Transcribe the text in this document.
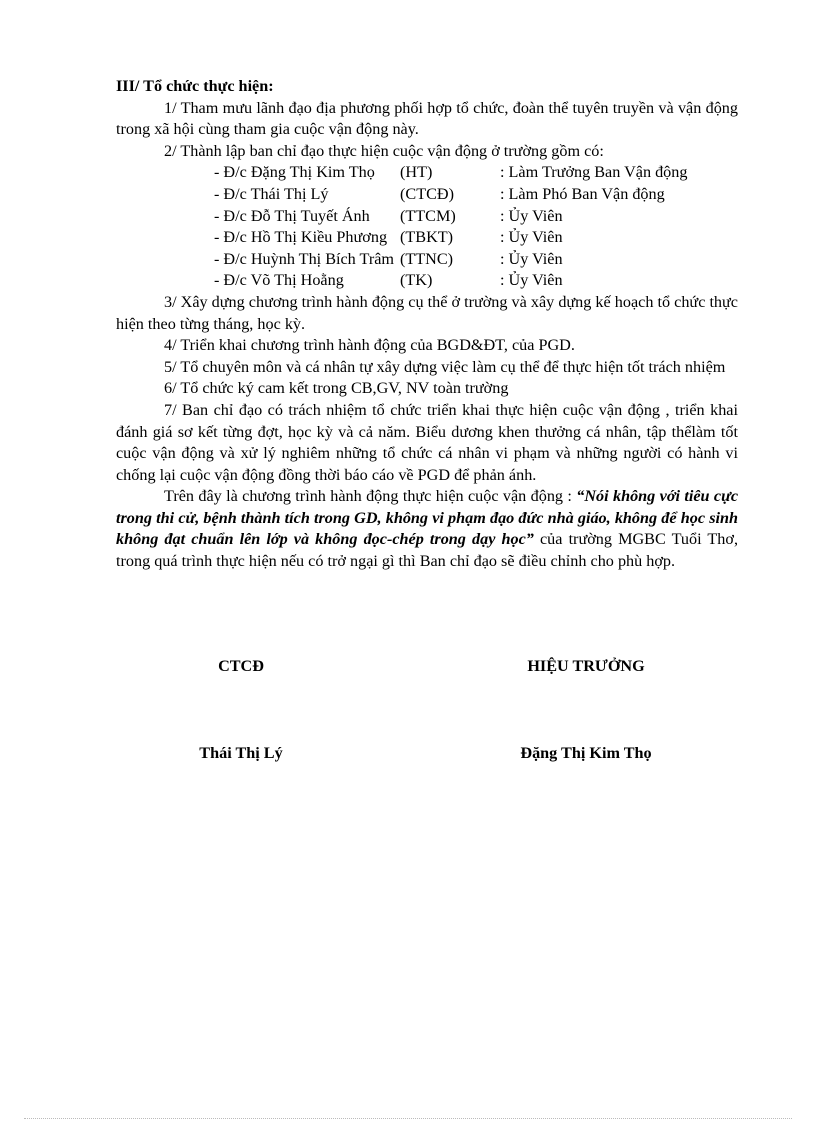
III/ Tổ chức thực hiện:

1/ Tham mưu lãnh đạo địa phương phối hợp tổ chức, đoàn thể tuyên truyền và vận động trong xã hội cùng tham gia cuộc vận động này.

2/ Thành lập ban chỉ đạo thực hiện cuộc vận động ở trường gồm có:

- Đ/c Đặng Thị Kim Thọ	(HT)	: Làm Trưởng Ban Vận động
- Đ/c Thái Thị Lý	(CTCĐ)	: Làm Phó Ban Vận động
- Đ/c Đỗ Thị Tuyết Ánh	(TTCM)	: Ủy Viên
- Đ/c Hồ Thị Kiều Phương (TBKT)	: Ủy Viên
- Đ/c Huỳnh Thị Bích Trâm (TTNC)	: Ủy Viên
- Đ/c Võ Thị Hoằng	(TK)	: Ủy Viên

3/ Xây dựng chương trình hành động cụ thể ở trường và xây dựng kế hoạch tổ chức thực hiện theo từng tháng, học kỳ.

4/ Triển khai chương trình hành động của BGD&ĐT, của PGD.

5/ Tổ chuyên môn và cá nhân tự xây dựng việc làm cụ thể để thực hiện tốt trách nhiệm

6/ Tổ chức ký cam kết trong CB,GV, NV toàn trường

7/ Ban chỉ đạo có trách nhiệm tổ chức triển khai thực hiện cuộc vận động , triển khai đánh giá sơ kết từng đợt, học kỳ và cả năm. Biểu dương khen thưởng cá nhân, tập thểlàm tốt cuộc vận động và xử lý nghiêm những tổ chức cá nhân vi phạm và những người có hành vi chống lại cuộc vận động đồng thời báo cáo về PGD để phản ánh.

Trên đây là chương trình hành động thực hiện cuộc vận động : “Nói không với tiêu cực trong thi cử, bệnh thành tích trong GD, không vi phạm đạo đức nhà giáo, không để học sinh không đạt chuẩn lên lớp và không đọc-chép trong dạy học” của trường MGBC Tuổi Thơ, trong quá trình thực hiện nếu có trở ngại gì thì Ban chỉ đạo sẽ điều chỉnh cho phù hợp.

CTCĐ	HIỆU TRƯỞNG
Thái Thị Lý	Đặng Thị Kim Thọ
